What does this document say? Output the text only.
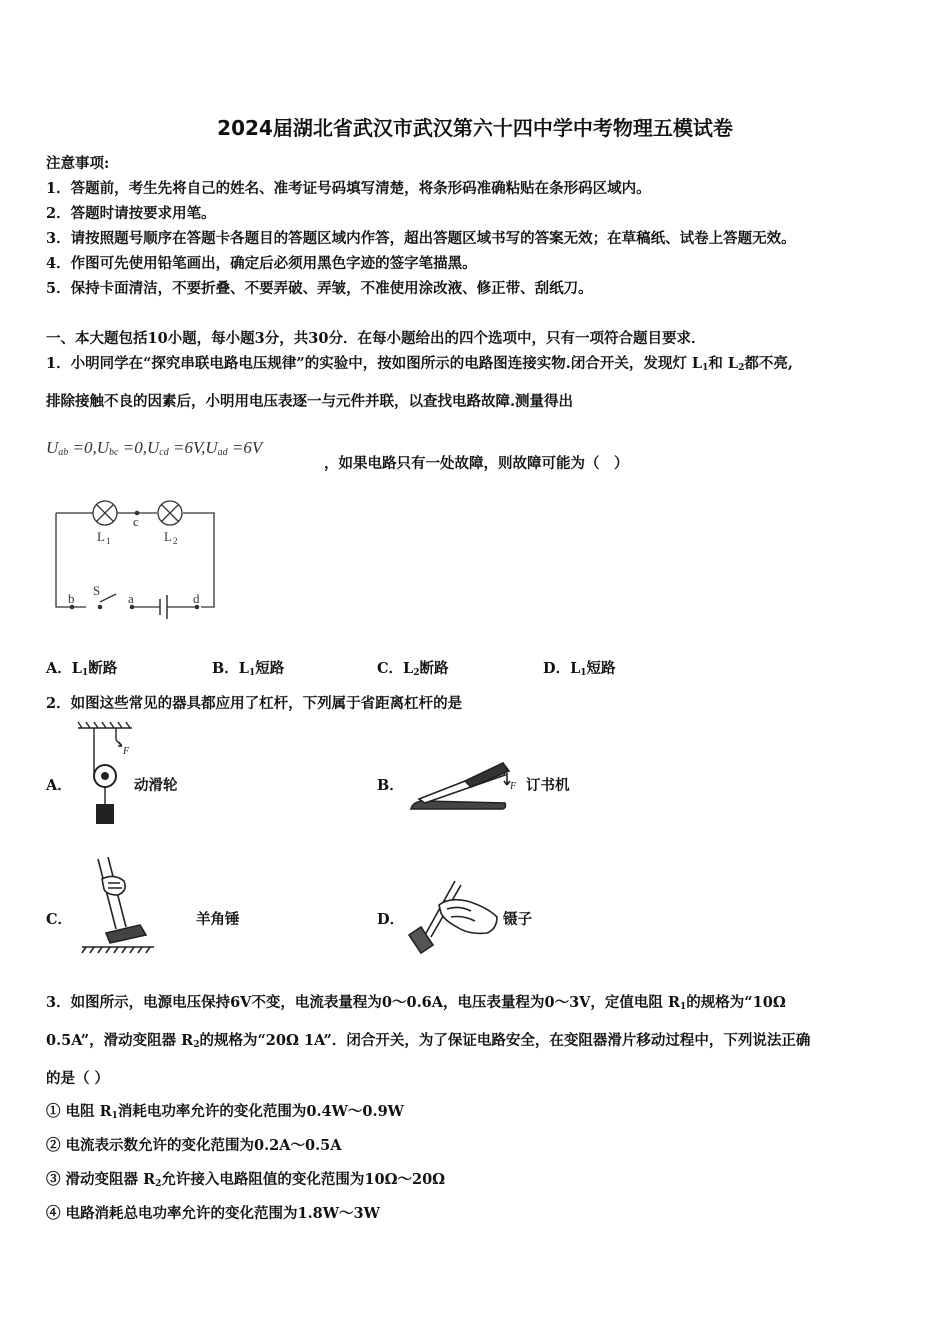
2024届湖北省武汉市武汉第六十四中学中考物理五模试卷
注意事项:
1．答题前，考生先将自己的姓名、准考证号码填写清楚，将条形码准确粘贴在条形码区域内。
2．答题时请按要求用笔。
3．请按照题号顺序在答题卡各题目的答题区域内作答，超出答题区域书写的答案无效；在草稿纸、试卷上答题无效。
4．作图可先使用铅笔画出，确定后必须用黑色字迹的签字笔描黑。
5．保持卡面清洁，不要折叠、不要弄破、弄皱，不准使用涂改液、修正带、刮纸刀。
一、本大题包括10小题，每小题3分，共30分．在每小题给出的四个选项中，只有一项符合题目要求．
1．小明同学在“探究串联电路电压规律”的实验中，按如图所示的电路图连接实物.闭合开关，发现灯 $L_1$和 $L_2$都不亮,
排除接触不良的因素后，小明用电压表逐一与元件并联，以查找电路故障.测量得出
$U_{ab} =0,U_{bc} =0,U_{cd} =6V,U_{ad} =6V$
，如果电路只有一处故障，则故障可能为（　）
c
L 1	L 2
b
S
a	d
A．$L_1$断路	B．$L_1$短路	C．$L_2$断路	D．$L_1$短路
2．如图这些常见的器具都应用了杠杆，下列属于省距离杠杆的是
A．
F
动滑轮	B．	F 订书机
C．	羊角锤	D．	镊子
3．如图所示，电源电压保持6V不变，电流表量程为0～0.6A，电压表量程为0～3V，定值电阻 $R_1$的规格为“10Ω
0.5A”，滑动变阻器 $R_2$的规格为“20Ω 1A”．闭合开关，为了保证电路安全，在变阻器滑片移动过程中，下列说法正确
的是（ ）
① 电阻 $R_1$消耗电功率允许的变化范围为0.4W～0.9W
② 电流表示数允许的变化范围为0.2A～0.5A
③ 滑动变阻器 $R_2$允许接入电路阻值的变化范围为10Ω～20Ω
④ 电路消耗总电功率允许的变化范围为1.8W～3W
